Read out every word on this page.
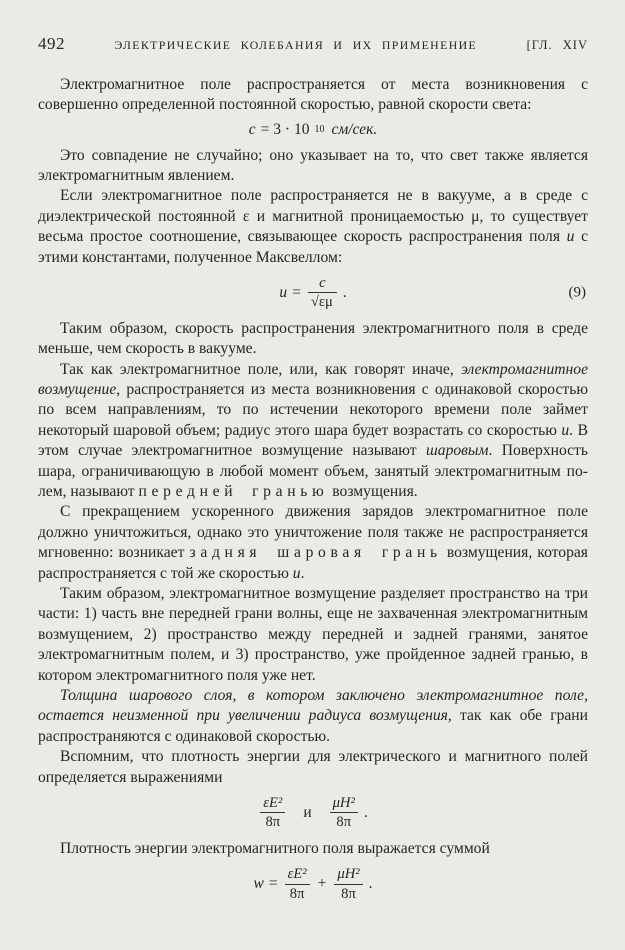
492	ЭЛЕКТРИЧЕСКИЕ КОЛЕБАНИЯ И ИХ ПРИМЕНЕНИЕ	[ГЛ. XIV

Электромагнитное поле распространяется от места возникновения с совершенно определенной постоянной скоростью, равной скорости света:

c = 3 · 10 10 см/сек.

Это совпадение не случайно; оно указывает на то, что свет также является электромагнитным явлением.

Если электромагнитное поле распространяется не в вакууме, а в среде с диэлектрической постоянной ε и магнитной проницаемостью μ, то существует весьма простое соотношение, связывающее скорость распространения поля u с этими константами, полученное Максвеллом:

$u = \frac{c}{√\varepsilon\mu}$ .	(9)

Таким образом, скорость распространения электромагнитного поля в среде меньше, чем скорость в вакууме.

Так как электромагнитное поле, или, как говорят иначе, электромагнитное возмущение, распространяется из места возникновения с одинаковой скоростью по всем направлениям, то по истечении некоторого времени поле займет некоторый шаровой объем; радиус этого шара будет возрастать со скоростью u. В этом случае электромагнитное возмущение называют шаровым. Поверхность шара, ограничивающую в любой момент объем, занятый электромагнитным полем, называют передней гранью возмущения.

С прекращением ускоренного движения зарядов электромагнитное поле должно уничтожиться, однако это уничтожение поля также не распространяется мгновенно: возникает задняя шаровая грань возмущения, которая распространяется с той же скоростью u.

Таким образом, электромагнитное возмущение разделяет пространство на три части: 1) часть вне передней грани волны, еще не захваченная электромагнитным возмущением, 2) пространство между передней и задней гранями, занятое электромагнитным полем, и 3) пространство, уже пройденное задней гранью, в котором электромагнитного поля уже нет.

Толщина шарового слоя, в котором заключено электромагнитное поле, остается неизменной при увеличении радиуса возмущения, так как обе грани распространяются с одинаковой скоростью.

Вспомним, что плотность энергии для электрического и магнитного полей определяется выражениями

$\frac{\text{εE²}}{8\pi}$	и	$\frac{\text{μH²}}{8\pi}$ .

Плотность энергии электромагнитного поля выражается суммой

$w = \frac{\text{εE²}}{8\pi} + \frac{\text{μH²}}{8\pi}$ .
